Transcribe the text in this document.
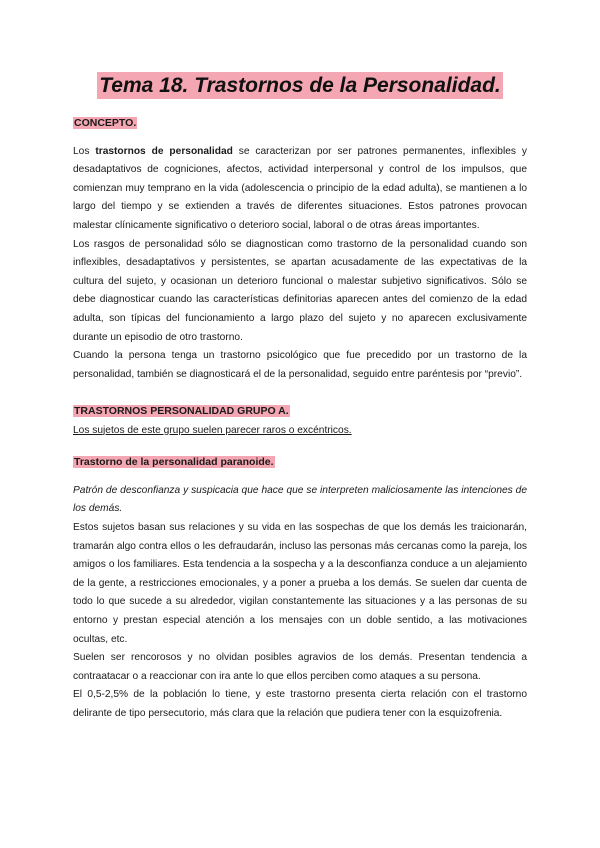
Tema 18. Trastornos de la Personalidad.

CONCEPTO.

Los trastornos de personalidad se caracterizan por ser patrones permanentes, inflexibles y desadaptativos de cogniciones, afectos, actividad interpersonal y control de los impulsos, que comienzan muy temprano en la vida (adolescencia o principio de la edad adulta), se mantienen a lo largo del tiempo y se extienden a través de diferentes situaciones. Estos patrones provocan malestar clínicamente significativo o deterioro social, laboral o de otras áreas importantes.

Los rasgos de personalidad sólo se diagnostican como trastorno de la personalidad cuando son inflexibles, desadaptativos y persistentes, se apartan acusadamente de las expectativas de la cultura del sujeto, y ocasionan un deterioro funcional o malestar subjetivo significativos. Sólo se debe diagnosticar cuando las características definitorias aparecen antes del comienzo de la edad adulta, son típicas del funcionamiento a largo plazo del sujeto y no aparecen exclusivamente durante un episodio de otro trastorno.

Cuando la persona tenga un trastorno psicológico que fue precedido por un trastorno de la personalidad, también se diagnosticará el de la personalidad, seguido entre paréntesis por “previo”.

TRASTORNOS PERSONALIDAD GRUPO A.

Los sujetos de este grupo suelen parecer raros o excéntricos.

Trastorno de la personalidad paranoide.

Patrón de desconfianza y suspicacia que hace que se interpreten maliciosamente las intenciones de los demás.

Estos sujetos basan sus relaciones y su vida en las sospechas de que los demás les traicionarán, tramarán algo contra ellos o les defraudarán, incluso las personas más cercanas como la pareja, los amigos o los familiares. Esta tendencia a la sospecha y a la desconfianza conduce a un alejamiento de la gente, a restricciones emocionales, y a poner a prueba a los demás. Se suelen dar cuenta de todo lo que sucede a su alrededor, vigilan constantemente las situaciones y a las personas de su entorno y prestan especial atención a los mensajes con un doble sentido, a las motivaciones ocultas, etc.

Suelen ser rencorosos y no olvidan posibles agravios de los demás. Presentan tendencia a contraatacar o a reaccionar con ira ante lo que ellos perciben como ataques a su persona.

El 0,5-2,5% de la población lo tiene, y este trastorno presenta cierta relación con el trastorno delirante de tipo persecutorio, más clara que la relación que pudiera tener con la esquizofrenia.
